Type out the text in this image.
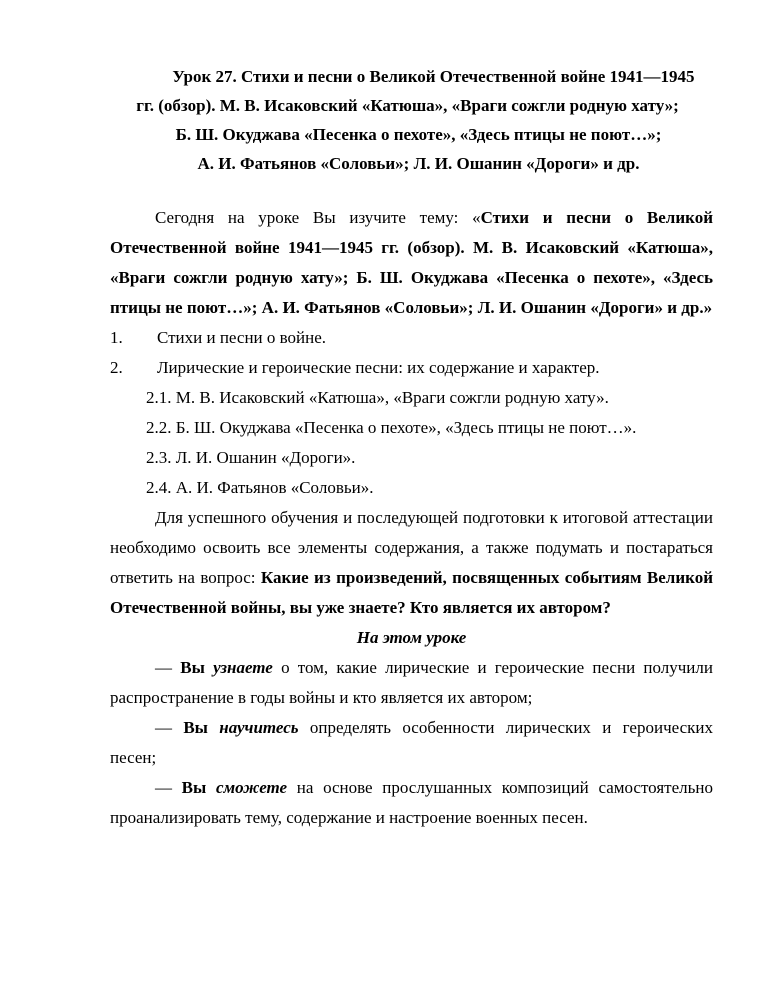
Урок 27. Стихи и песни о Великой Отечественной войне 1941—1945
гг. (обзор). М. В. Исаковский «Катюша», «Враги сожгли родную хату»;
Б. Ш. Окуджава «Песенка о пехоте», «Здесь птицы не поют…»;
А. И. Фатьянов «Соловьи»; Л. И. Ошанин «Дороги» и др.

Сегодня на уроке Вы изучите тему: «Стихи и песни о Великой Отечественной войне 1941—1945 гг. (обзор). М. В. Исаковский «Катюша», «Враги сожгли родную хату»; Б. Ш. Окуджава «Песенка о пехоте», «Здесь птицы не поют…»; А. И. Фатьянов «Соловьи»; Л. И. Ошанин «Дороги» и др.»

1. Стихи и песни о войне.
2. Лирические и героические песни: их содержание и характер.
2.1. М. В. Исаковский «Катюша», «Враги сожгли родную хату».
2.2. Б. Ш. Окуджава «Песенка о пехоте», «Здесь птицы не поют…».
2.3. Л. И. Ошанин «Дороги».
2.4. А. И. Фатьянов «Соловьи».

Для успешного обучения и последующей подготовки к итоговой аттестации необходимо освоить все элементы содержания, а также подумать и постараться ответить на вопрос: Какие из произведений, посвященных событиям Великой Отечественной войны, вы уже знаете? Кто является их автором?

На этом уроке

— Вы узнаете о том, какие лирические и героические песни получили распространение в годы войны и кто является их автором;

— Вы научитесь определять особенности лирических и героических песен;

— Вы сможете на основе прослушанных композиций самостоятельно проанализировать тему, содержание и настроение военных песен.
